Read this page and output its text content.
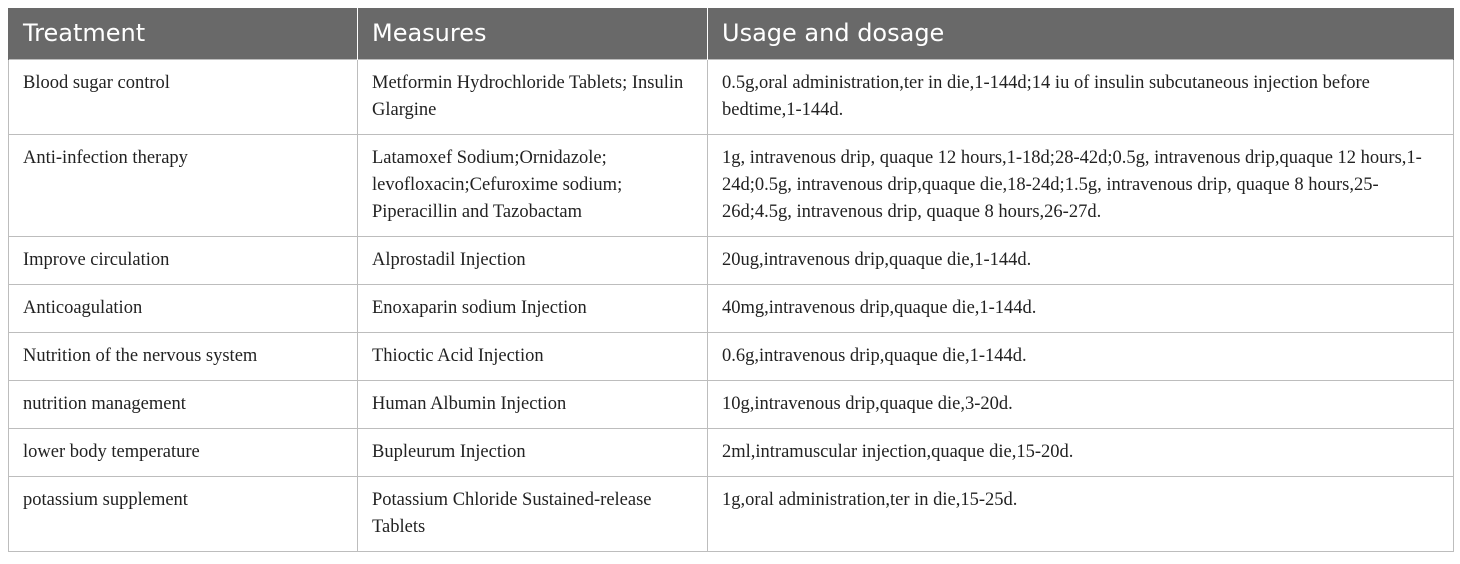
Treatment	Measures	Usage and dosage
Blood sugar control	Metformin Hydrochloride Tablets; Insulin Glargine	0.5g,oral administration,ter in die,1-144d;14 iu of insulin subcutaneous injection before bedtime,1-144d.
Anti-infection therapy	Latamoxef Sodium;Ornidazole; levofloxacin;Cefuroxime sodium; Piperacillin and Tazobactam	1g, intravenous drip, quaque 12 hours,1-18d;28-42d;0.5g, intravenous drip,quaque 12 hours,1-24d;0.5g, intravenous drip,quaque die,18-24d;1.5g, intravenous drip, quaque 8 hours,25-26d;4.5g, intravenous drip, quaque 8 hours,26-27d.
Improve circulation	Alprostadil Injection	20ug,intravenous drip,quaque die,1-144d.
Anticoagulation	Enoxaparin sodium Injection	40mg,intravenous drip,quaque die,1-144d.
Nutrition of the nervous system	Thioctic Acid Injection	0.6g,intravenous drip,quaque die,1-144d.
nutrition management	Human Albumin Injection	10g,intravenous drip,quaque die,3-20d.
lower body temperature	Bupleurum Injection	2ml,intramuscular injection,quaque die,15-20d.
potassium supplement	Potassium Chloride Sustained-release Tablets	1g,oral administration,ter in die,15-25d.
